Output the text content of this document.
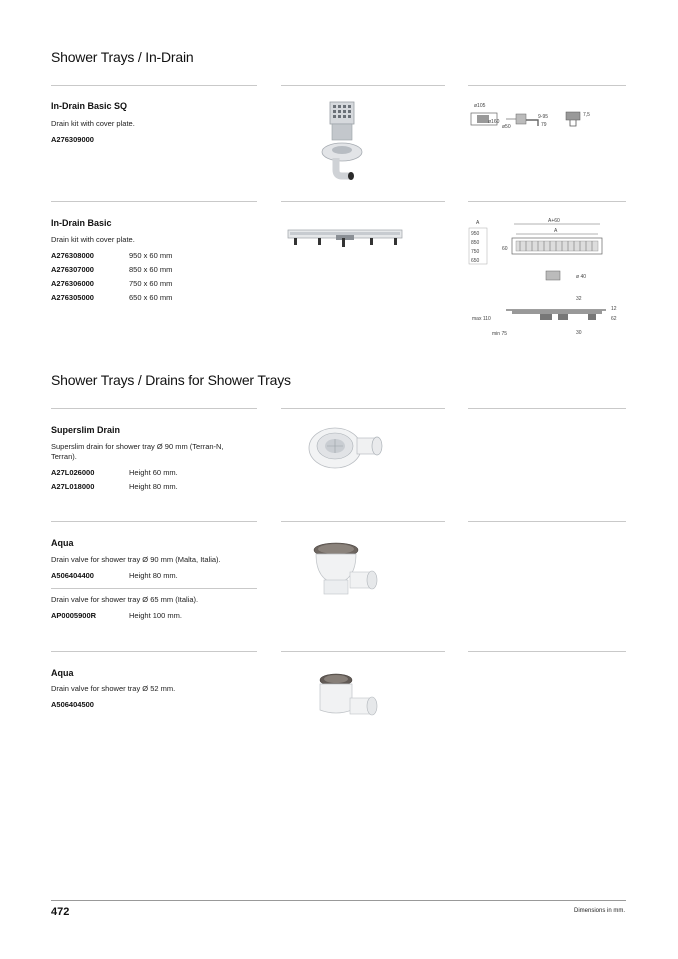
Shower Trays / In-Drain
In-Drain Basic SQ
Drain kit with cover plate.
A276309000
ø105
ø160
ø50
9-95
79
7,5
In-Drain Basic
Drain kit with cover plate.
A276308000	950 x 60 mm
A276307000	850 x 60 mm
A276306000	750 x 60 mm
A276305000	650 x 60 mm
A
950
850
750
650
A+60
A
60
ø 40
32
12
62
max 110
min 75	30
Shower Trays / Drains for Shower Trays
Superslim Drain
Superslim drain for shower tray Ø 90 mm (Terran-N, Terran).
A27L026000	Height 60 mm.
A27L018000	Height 80 mm.
Aqua
Drain valve for shower tray Ø 90 mm (Malta, Italia).
A506404400	Height 80 mm.
Drain valve for shower tray Ø 65 mm (Italia).
AP0005900R	Height 100 mm.
Aqua
Drain valve for shower tray Ø 52 mm.
A506404500
472	Dimensions in mm.
